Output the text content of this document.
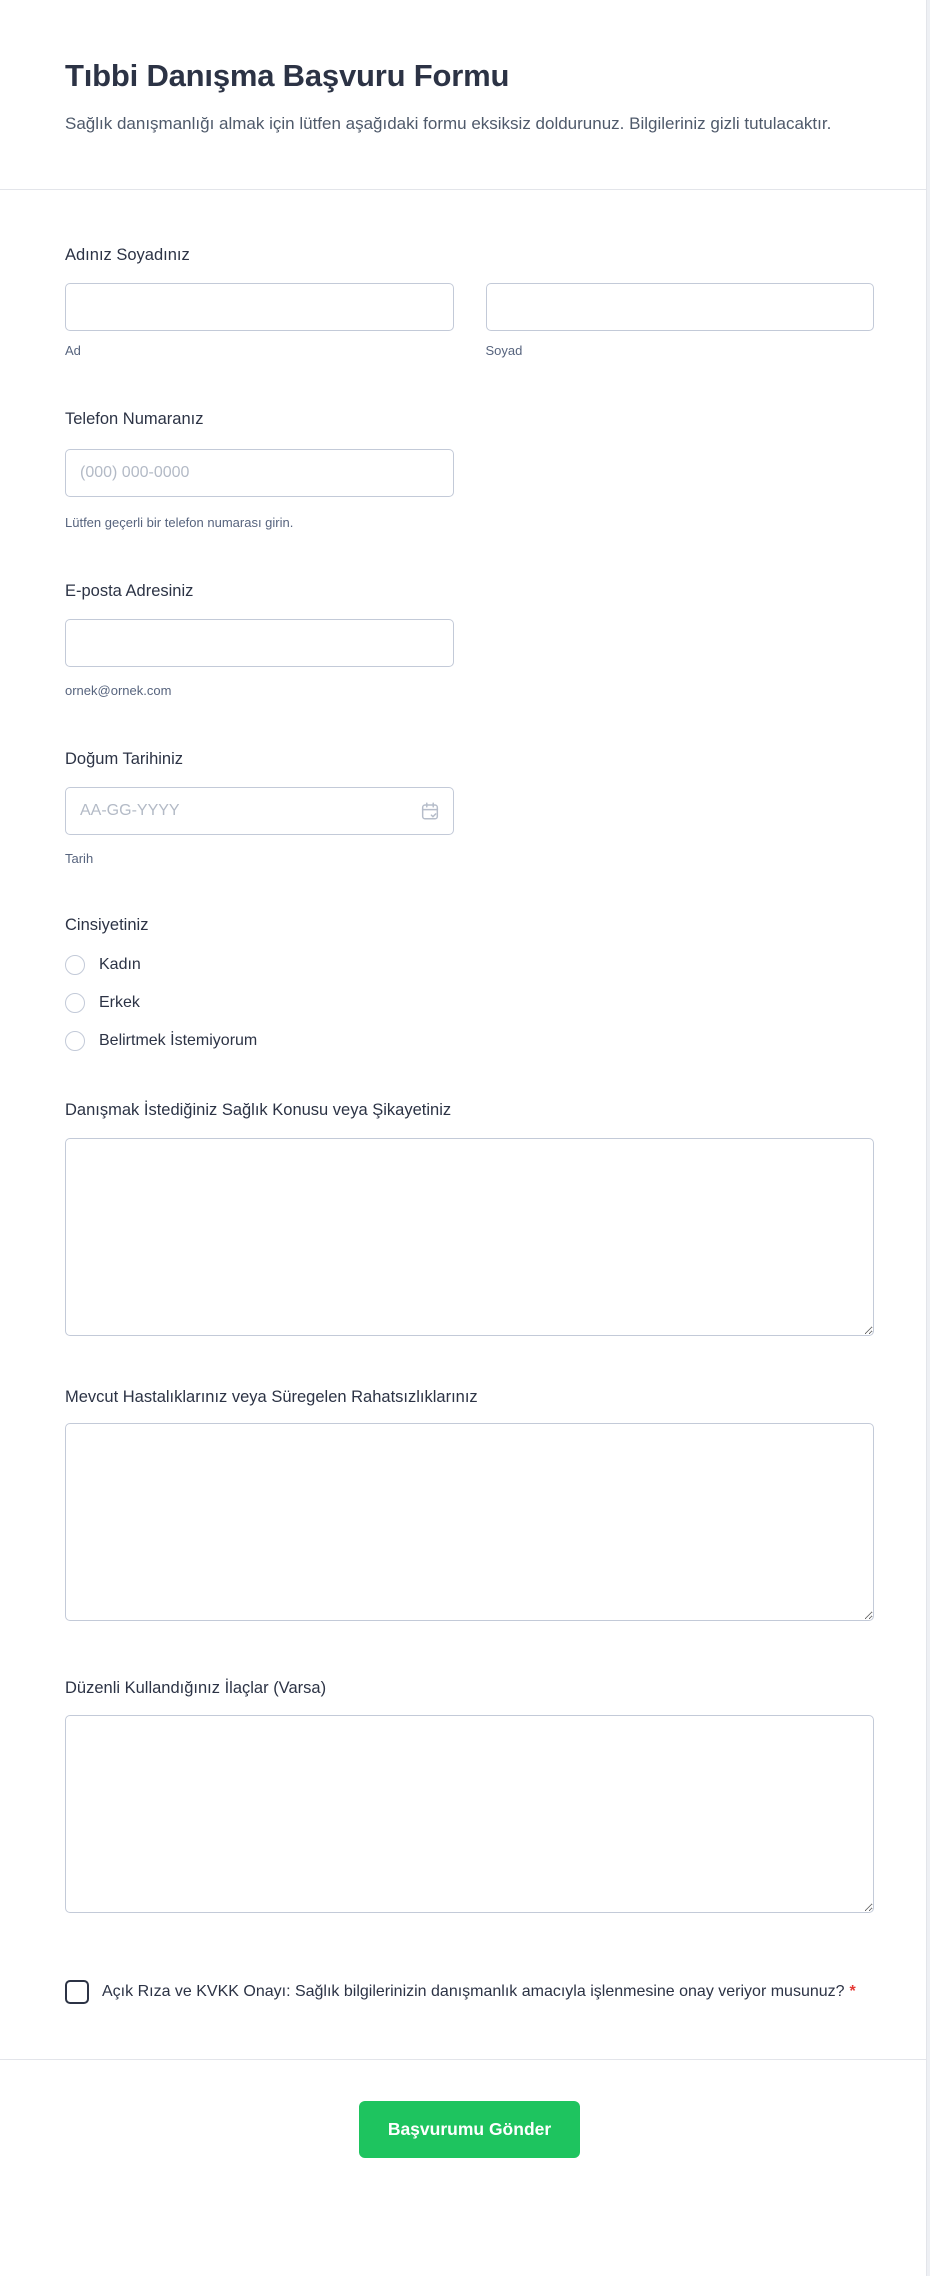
Tıbbi Danışma Başvuru Formu

Sağlık danışmanlığı almak için lütfen aşağıdaki formu eksiksiz doldurunuz. Bilgileriniz gizli tutulacaktır.

Adınız Soyadınız
Ad	Soyad
Telefon Numaranız
(000) 000-0000
Lütfen geçerli bir telefon numarası girin.
E-posta Adresiniz
ornek@ornek.com
Doğum Tarihiniz
AA-GG-YYYY
Tarih
Cinsiyetiniz
Kadın
Erkek
Belirtmek İstemiyorum
Danışmak İstediğiniz Sağlık Konusu veya Şikayetiniz
Mevcut Hastalıklarınız veya Süregelen Rahatsızlıklarınız
Düzenli Kullandığınız İlaçlar (Varsa)
Açık Rıza ve KVKK Onayı: Sağlık bilgilerinizin danışmanlık amacıyla işlenmesine onay veriyor musunuz? *
Başvurumu Gönder
